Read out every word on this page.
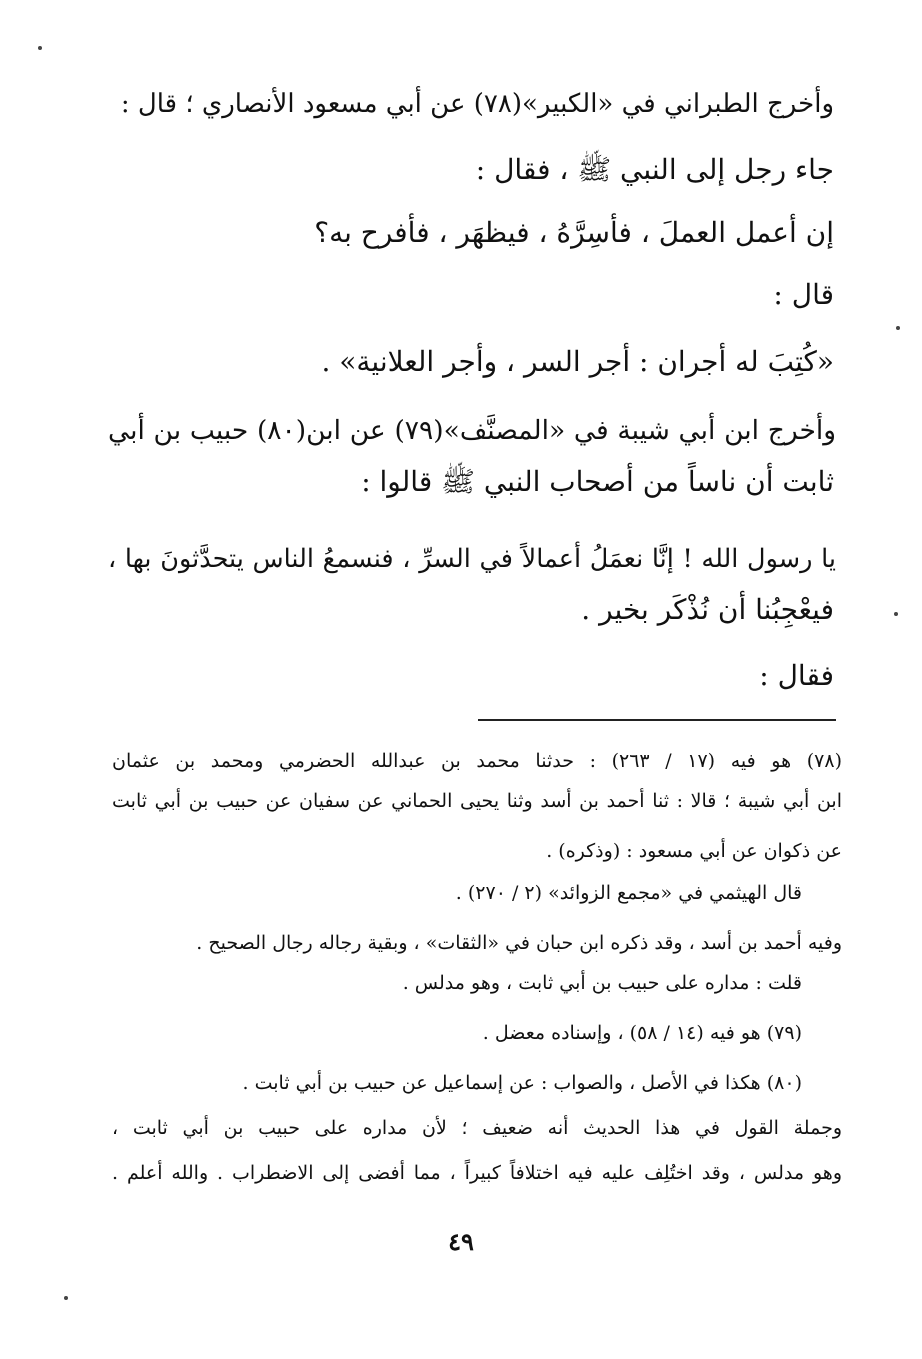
وأخرج الطبراني في «الكبير»(٧٨) عن أبي مسعود الأنصاري ؛ قال :
جاء رجل إلى النبي ﷺ ، فقال :
إن أعمل العملَ ، فأسِرَّهُ ، فيظهَر ، فأفرح به؟
قال :
«كُتِبَ له أجران : أجر السر ، وأجر العلانية» .
وأخرج ابن أبي شيبة في «المصنَّف»(٧٩) عن ابن(٨٠) حبيب بن أبي
ثابت أن ناساً من أصحاب النبي ﷺ قالوا :
يا رسول الله ! إنَّا نعمَلُ أعمالاً في السرِّ ، فنسمعُ الناس يتحدَّثونَ بها ،
فيعْجِبُنا أن نُذْكَر بخير .
فقال :
(٧٨) هو فيه (١٧ / ٢٦٣) : حدثنا محمد بن عبدالله الحضرمي ومحمد بن عثمان
ابن أبي شيبة ؛ قالا : ثنا أحمد بن أسد وثنا يحيى الحماني عن سفيان عن حبيب بن أبي ثابت
عن ذكوان عن أبي مسعود : (وذكره) .
قال الهيثمي في «مجمع الزوائد» (٢ / ٢٧٠) .
وفيه أحمد بن أسد ، وقد ذكره ابن حبان في «الثقات» ، وبقية رجاله رجال الصحيح .
قلت : مداره على حبيب بن أبي ثابت ، وهو مدلس .
(٧٩) هو فيه (١٤ / ٥٨) ، وإسناده معضل .
(٨٠) هكذا في الأصل ، والصواب : عن إسماعيل عن حبيب بن أبي ثابت .
وجملة القول في هذا الحديث أنه ضعيف ؛ لأن مداره على حبيب بن أبي ثابت ،
وهو مدلس ، وقد اختُلِف عليه فيه اختلافاً كبيراً ، مما أفضى إلى الاضطراب . والله أعلم .
٤٩
